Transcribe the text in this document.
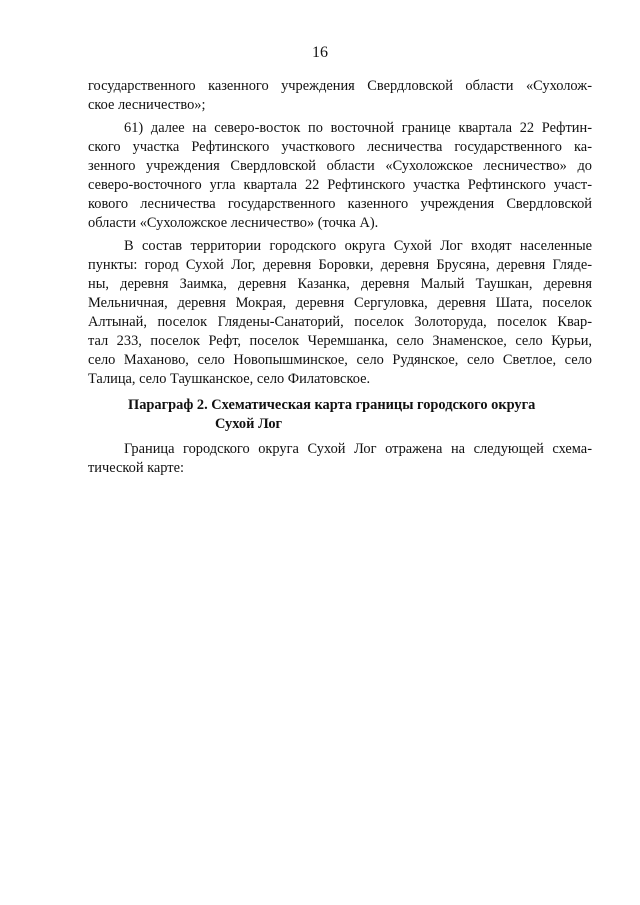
16
государственного казенного учреждения Свердловской области «Сухолож-
ское лесничество»;
61) далее на северо-восток по восточной границе квартала 22 Рефтин-
ского участка Рефтинского участкового лесничества государственного ка-
зенного учреждения Свердловской области «Сухоложское лесничество» до
северо-восточного угла квартала 22 Рефтинского участка Рефтинского участ-
кового лесничества государственного казенного учреждения Свердловской
области «Сухоложское лесничество» (точка А).
В состав территории городского округа Сухой Лог входят населенные
пункты: город Сухой Лог, деревня Боровки, деревня Брусяна, деревня Глядe-
ны, деревня Заимка, деревня Казанка, деревня Малый Таушкан, деревня
Мельничная, деревня Мокрая, деревня Сергуловка, деревня Шата, поселок
Алтынай, поселок Глядены-Санаторий, поселок Золоторуда, поселок Квар-
тал 233, поселок Рефт, поселок Черемшанка, село Знаменское, село Курьи,
село Маханово, село Новопышминское, село Рудянское, село Светлое, село
Талица, село Таушканское, село Филатовское.
Параграф 2. Схематическая карта границы городского округа
Сухой Лог
Граница городского округа Сухой Лог отражена на следующей схема-
тической карте:
